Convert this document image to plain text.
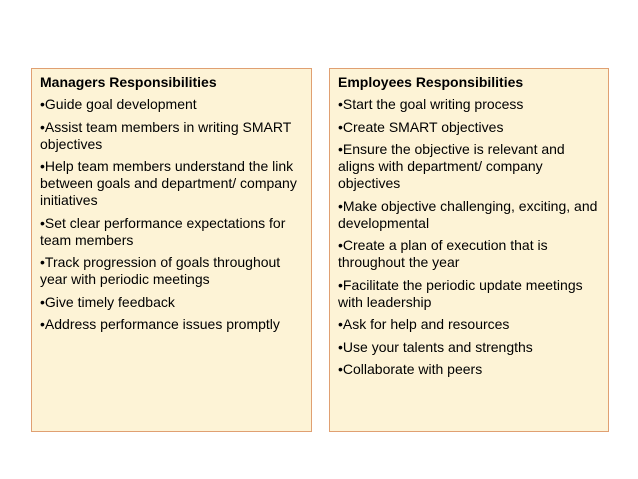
Managers Responsibilities
•Guide goal development
•Assist team members in writing SMART objectives
•Help team members understand the link between goals and department/ company initiatives
•Set clear performance expectations for team members
•Track progression of goals throughout year with periodic meetings
•Give timely feedback
•Address performance issues promptly
Employees Responsibilities
•Start the goal writing process
•Create SMART objectives
•Ensure the objective is relevant and aligns with department/ company objectives
•Make objective challenging, exciting, and developmental
•Create a plan of execution that is throughout the year
•Facilitate the periodic update meetings with leadership
•Ask for help and resources
•Use your talents and strengths
•Collaborate with peers
